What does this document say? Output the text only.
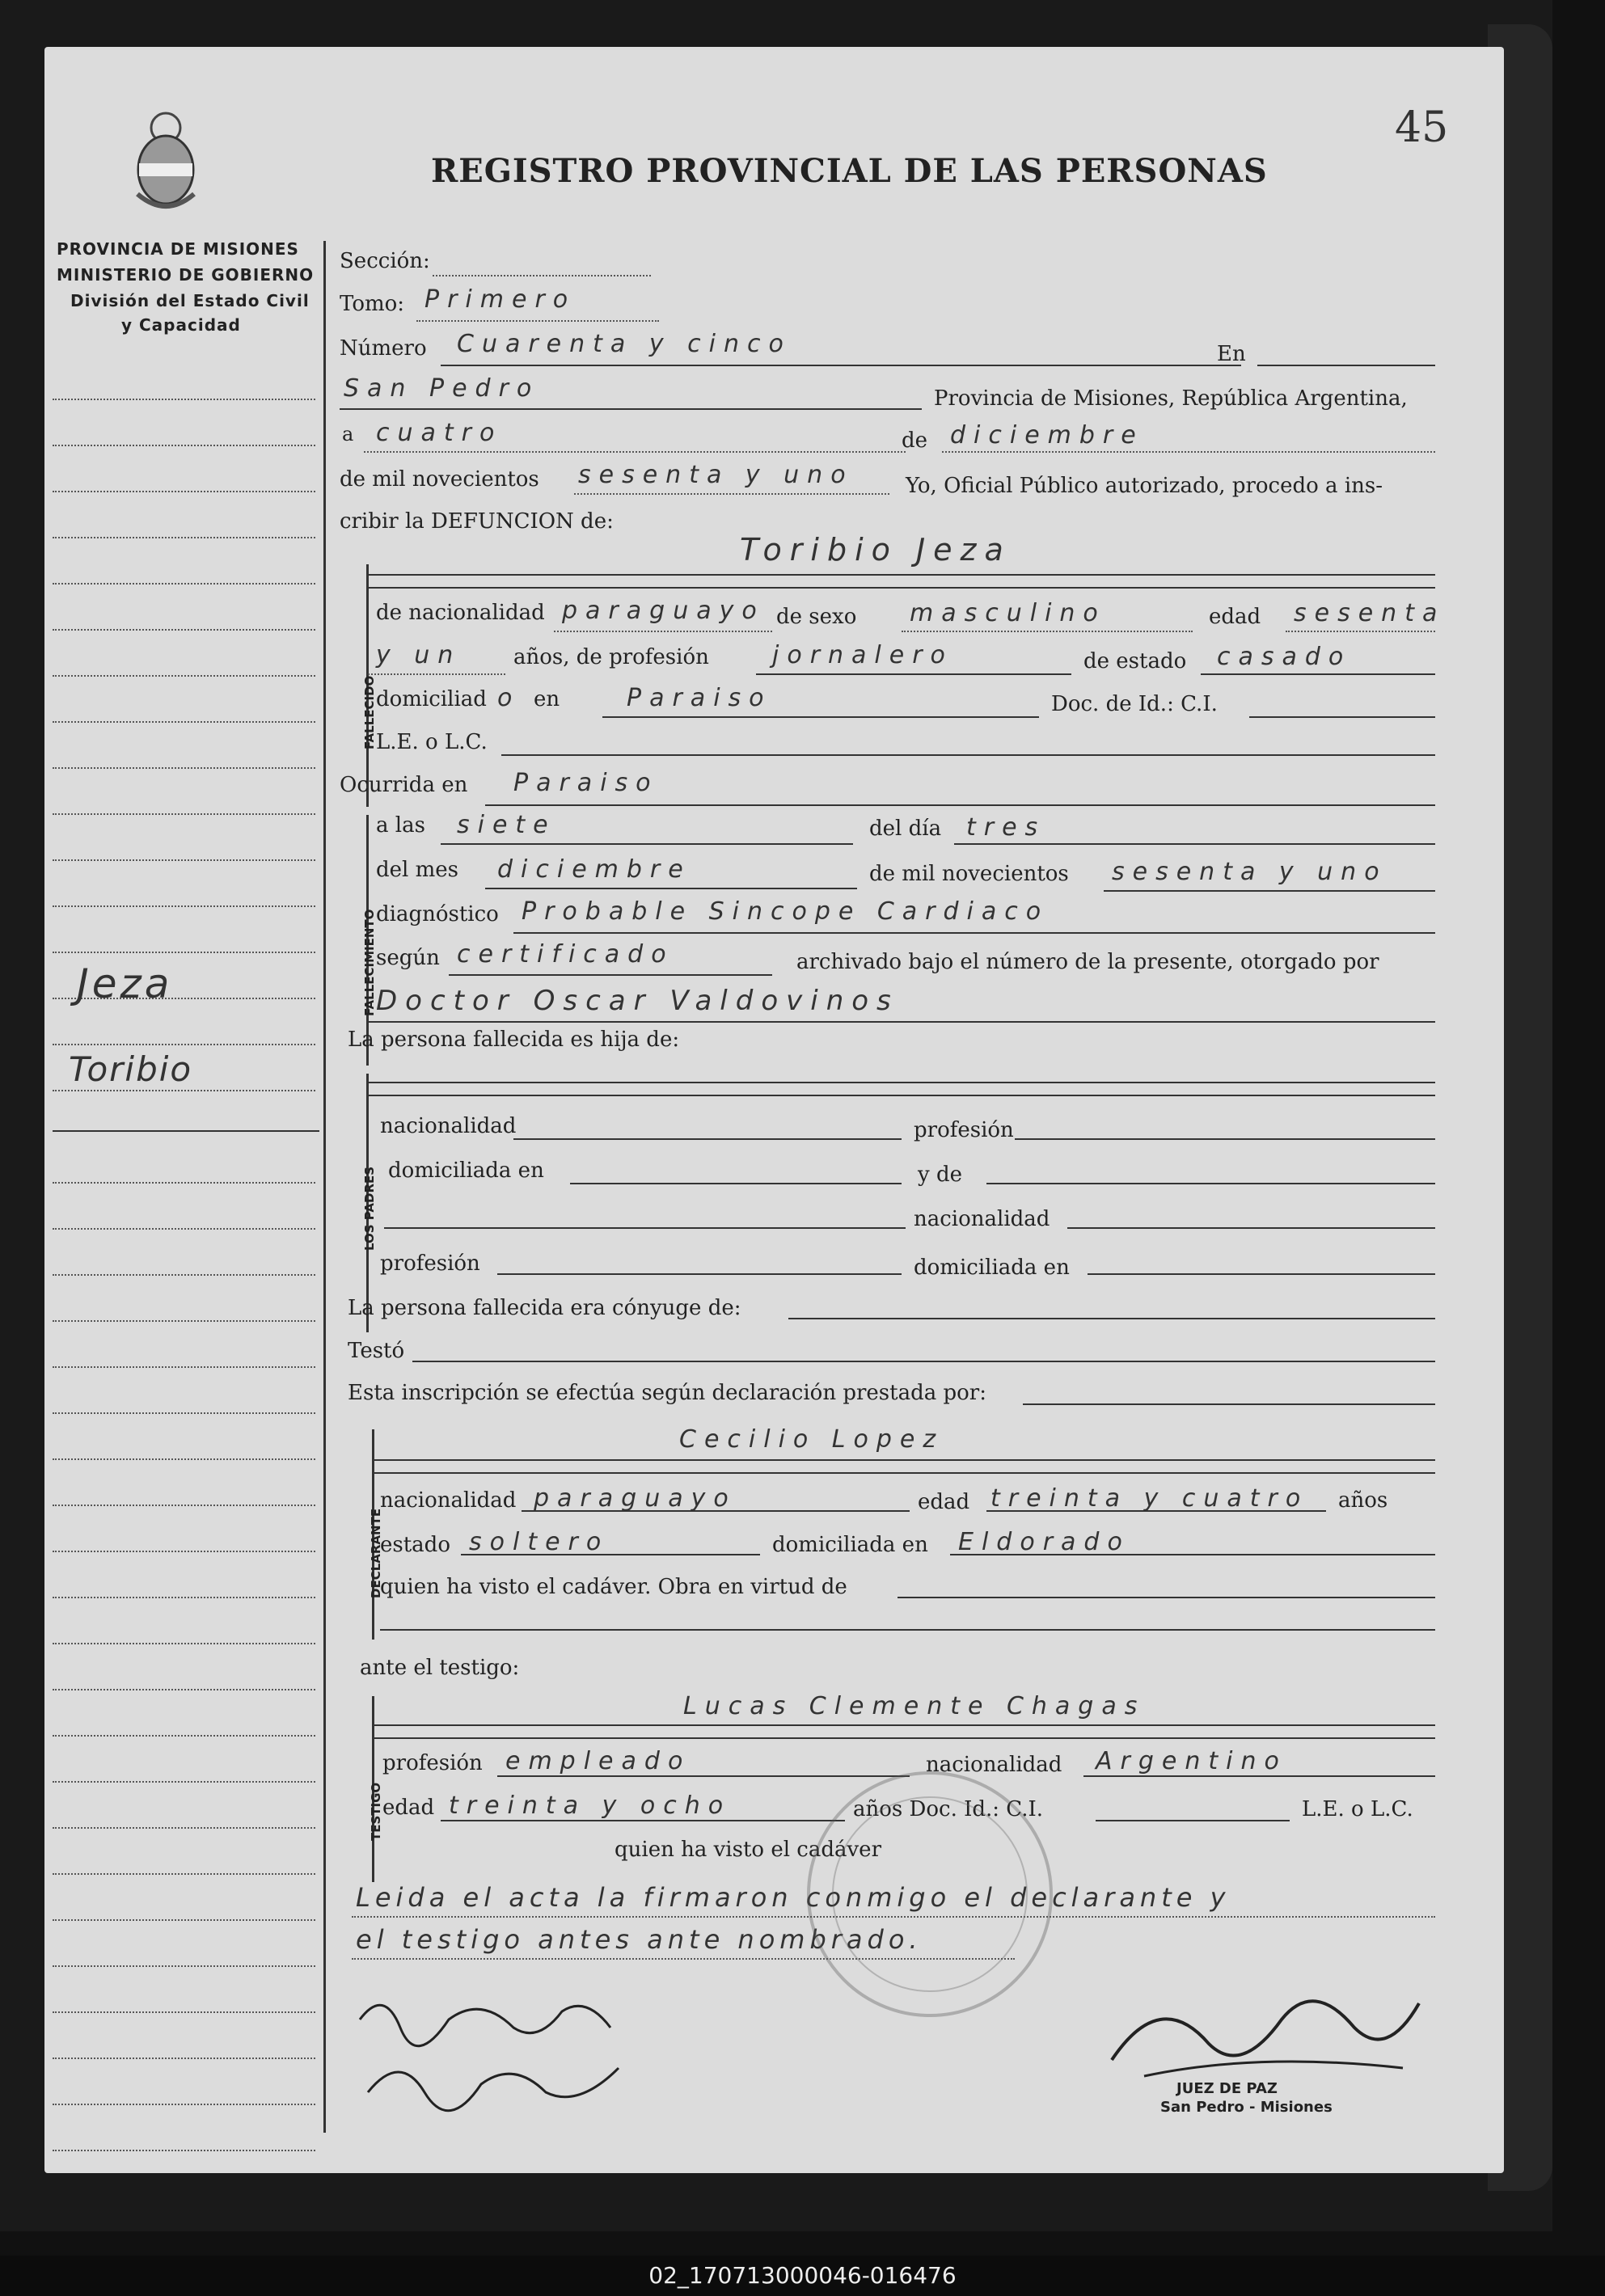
45
REGISTRO PROVINCIAL DE LAS PERSONAS
PROVINCIA DE MISIONES
MINISTERIO DE GOBIERNO
División del Estado Civil
y Capacidad
Jeza
Toribio
Sección:
Tomo: Primero
Número Cuarenta y cinco	En
San Pedro	Provincia de Misiones, República Argentina,
a cuatro	de diciembre
de mil novecientos sesenta y uno Yo, Oficial Público autorizado, procedo a ins-
cribir la DEFUNCION de:
FALLECIDO
Toribio Jeza
de nacionalidad paraguayo de sexo masculino	edad sesenta
y un años, de profesión	jornalero	de estado casado
domiciliad o en	Paraiso	Doc. de Id.: C.I.
L.E. o L.C.
Ocurrida en Paraiso
FALLECIMIENTO
a las siete	del día tres
del mes diciembre	de mil novecientos sesenta y uno
diagnóstico Probable Sincope Cardiaco
según certificado	archivado bajo el número de la presente, otorgado por
Doctor Oscar Valdovinos
La persona fallecida es hija de:
LOS PADRES
nacionalidad	profesión
domiciliada en	y de
nacionalidad
profesión	domiciliada en
La persona fallecida era cónyuge de:
Testó
Esta inscripción se efectúa según declaración prestada por:
DECLARANTE
Cecilio Lopez
nacionalidad paraguayo	edad treinta y cuatro años
estado soltero	domiciliada en Eldorado
quien ha visto el cadáver. Obra en virtud de
ante el testigo:
TESTIGO
Lucas Clemente Chagas
profesión empleado	nacionalidad Argentino
edad treinta y ocho	años Doc. Id.: C.I.	L.E. o L.C.
quien ha visto el cadáver
Leida el acta la firmaron conmigo el declarante y
el testigo antes ante nombrado.
JUEZ DE PAZ
San Pedro - Misiones
02_170713000046-016476
